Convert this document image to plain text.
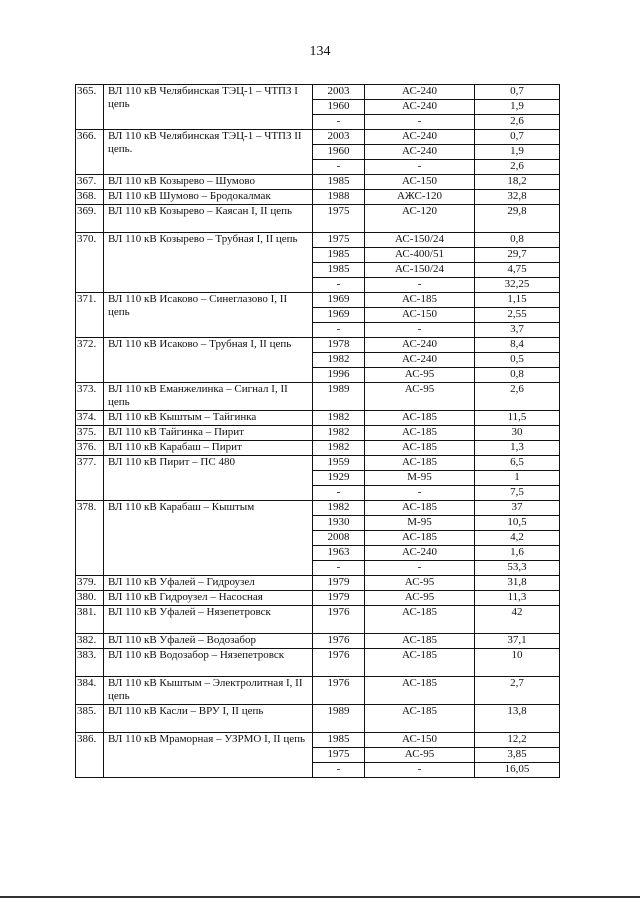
134
365.	ВЛ 110 кВ Челябинская ТЭЦ-1 – ЧТПЗ I цепь	2003	АС-240	0,7
		1960	АС-240	1,9
		-	-	2,6
366.	ВЛ 110 кВ Челябинская ТЭЦ-1 – ЧТПЗ II цепь.	2003	АС-240	0,7
		1960	АС-240	1,9
		-	-	2,6
367.	ВЛ 110 кВ Козырево – Шумово	1985	АС-150	18,2
368.	ВЛ 110 кВ Шумово – Бродокалмак	1988	АЖС-120	32,8
369.	ВЛ 110 кВ Козырево – Каясан I, II цепь	1975	АС-120	29,8
370.	ВЛ 110 кВ Козырево – Трубная I, II цепь	1975	АС-150/24	0,8
		1985	АС-400/51	29,7
		1985	АС-150/24	4,75
		-	-	32,25
371.	ВЛ 110 кВ Исаково – Синеглазово I, II цепь	1969	АС-185	1,15
		1969	АС-150	2,55
		-	-	3,7
372.	ВЛ 110 кВ Исаково – Трубная I, II цепь	1978	АС-240	8,4
		1982	АС-240	0,5
		1996	АС-95	0,8
373.	ВЛ 110 кВ Еманжелинка – Сигнал I, II цепь	1989	АС-95	2,6
374.	ВЛ 110 кВ Кыштым – Тайгинка	1982	АС-185	11,5
375.	ВЛ 110 кВ Тайгинка – Пирит	1982	АС-185	30
376.	ВЛ 110 кВ Карабаш – Пирит	1982	АС-185	1,3
377.	ВЛ 110 кВ Пирит – ПС 480	1959	АС-185	6,5
		1929	М-95	1
		-	-	7,5
378.	ВЛ 110 кВ Карабаш – Кыштым	1982	АС-185	37
		1930	М-95	10,5
		2008	АС-185	4,2
		1963	АС-240	1,6
		-	-	53,3
379.	ВЛ 110 кВ Уфалей – Гидроузел	1979	АС-95	31,8
380.	ВЛ 110 кВ Гидроузел – Насосная	1979	АС-95	11,3
381.	ВЛ 110 кВ Уфалей – Нязепетровск	1976	АС-185	42
382.	ВЛ 110 кВ Уфалей – Водозабор	1976	АС-185	37,1
383.	ВЛ 110 кВ Водозабор – Нязепетровск	1976	АС-185	10
384.	ВЛ 110 кВ Кыштым – Электролитная I, II цепь	1976	АС-185	2,7
385.	ВЛ 110 кВ Касли – ВРУ I, II цепь	1989	АС-185	13,8
386.	ВЛ 110 кВ Мраморная – УЗРМО I, II цепь	1985	АС-150	12,2
		1975	АС-95	3,85
		-	-	16,05
